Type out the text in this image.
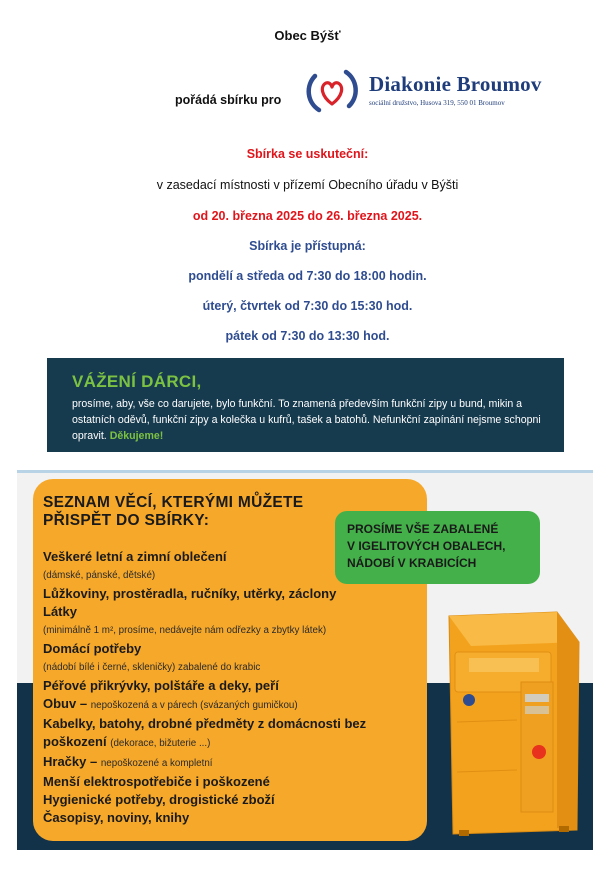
Obec Býšť
pořádá sbírku pro
Diakonie Broumov
sociální družstvo, Husova 319, 550 01 Broumov
Sbírka se uskuteční:
v zasedací místnosti v přízemí Obecního úřadu v Býšti
od 20. března 2025 do 26. března 2025.
Sbírka je přístupná:
pondělí a středa od 7:30 do 18:00 hodin.
úterý, čtvrtek od 7:30 do 15:30 hod.
pátek od 7:30 do 13:30 hod.
VÁŽENÍ DÁRCI,
prosíme, aby, vše co darujete, bylo funkční. To znamená především funkční zipy u bund, mikin a ostatních oděvů, funkční zipy a kolečka u kufrů, tašek a batohů. Nefunkční zapínání nejsme schopni opravit. Děkujeme!
SEZNAM VĚCÍ, KTERÝMI MŮŽETE
PŘISPĚT DO SBÍRKY:	PROSÍME VŠE ZABALENÉ
V IGELITOVÝCH OBALECH,
NÁDOBÍ V KRABICÍCH
Veškeré letní a zimní oblečení
(dámské, pánské, dětské)
Lůžkoviny, prostěradla, ručníky, utěrky, záclony
Látky
(minimálně 1 m², prosíme, nedávejte nám odřezky a zbytky látek)
Domácí potřeby
(nádobí bílé i černé, skleničky) zabalené do krabic
Péřové přikrývky, polštáře a deky, peří
Obuv – nepoškozená a v párech (svázaných gumičkou)
Kabelky, batohy, drobné předměty z domácnosti bez
poškození (dekorace, bižuterie ...)
Hračky – nepoškozené a kompletní
Menší elektrospotřebiče i poškozené
Hygienické potřeby, drogistické zboží
Časopisy, noviny, knihy
